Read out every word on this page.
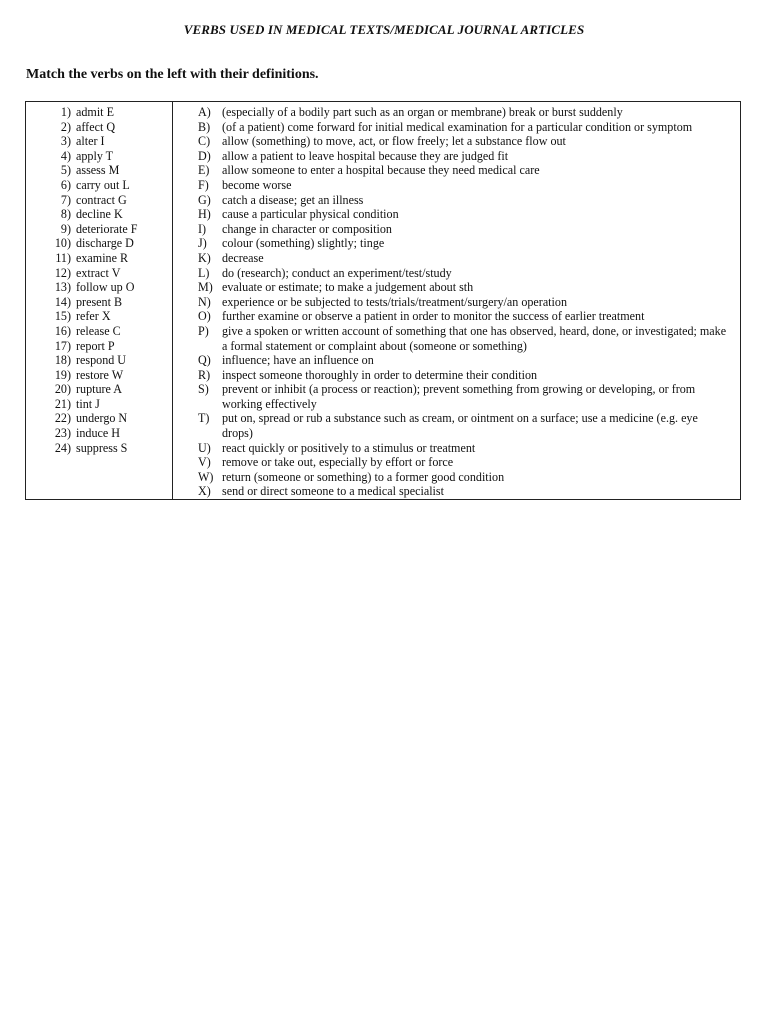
VERBS USED IN MEDICAL TEXTS/MEDICAL JOURNAL ARTICLES
Match the verbs on the left with their definitions.
1) admit E
2) affect Q
3) alter I
4) apply T
5) assess M
6) carry out L
7) contract G
8) decline K
9) deteriorate F
10) discharge D
11) examine R
12) extract V
13) follow up O
14) present B
15) refer X
16) release C
17) report P
18) respond U
19) restore W
20) rupture A
21) tint J
22) undergo N
23) induce H
24) suppress S
A) (especially of a bodily part such as an organ or membrane) break or burst suddenly
B) (of a patient) come forward for initial medical examination for a particular condition or symptom
C) allow (something) to move, act, or flow freely; let a substance flow out
D) allow a patient to leave hospital because they are judged fit
E) allow someone to enter a hospital because they need medical care
F) become worse
G) catch a disease; get an illness
H) cause a particular physical condition
I) change in character or composition
J) colour (something) slightly; tinge
K) decrease
L) do (research); conduct an experiment/test/study
M) evaluate or estimate; to make a judgement about sth
N) experience or be subjected to tests/trials/treatment/surgery/an operation
O) further examine or observe a patient in order to monitor the success of earlier treatment
P) give a spoken or written account of something that one has observed, heard, done, or investigated; make a formal statement or complaint about (someone or something)
Q) influence; have an influence on
R) inspect someone thoroughly in order to determine their condition
S) prevent or inhibit (a process or reaction); prevent something from growing or developing, or from working effectively
T) put on, spread or rub a substance such as cream, or ointment on a surface; use a medicine (e.g. eye drops)
U) react quickly or positively to a stimulus or treatment
V) remove or take out, especially by effort or force
W) return (someone or something) to a former good condition
X) send or direct someone to a medical specialist
